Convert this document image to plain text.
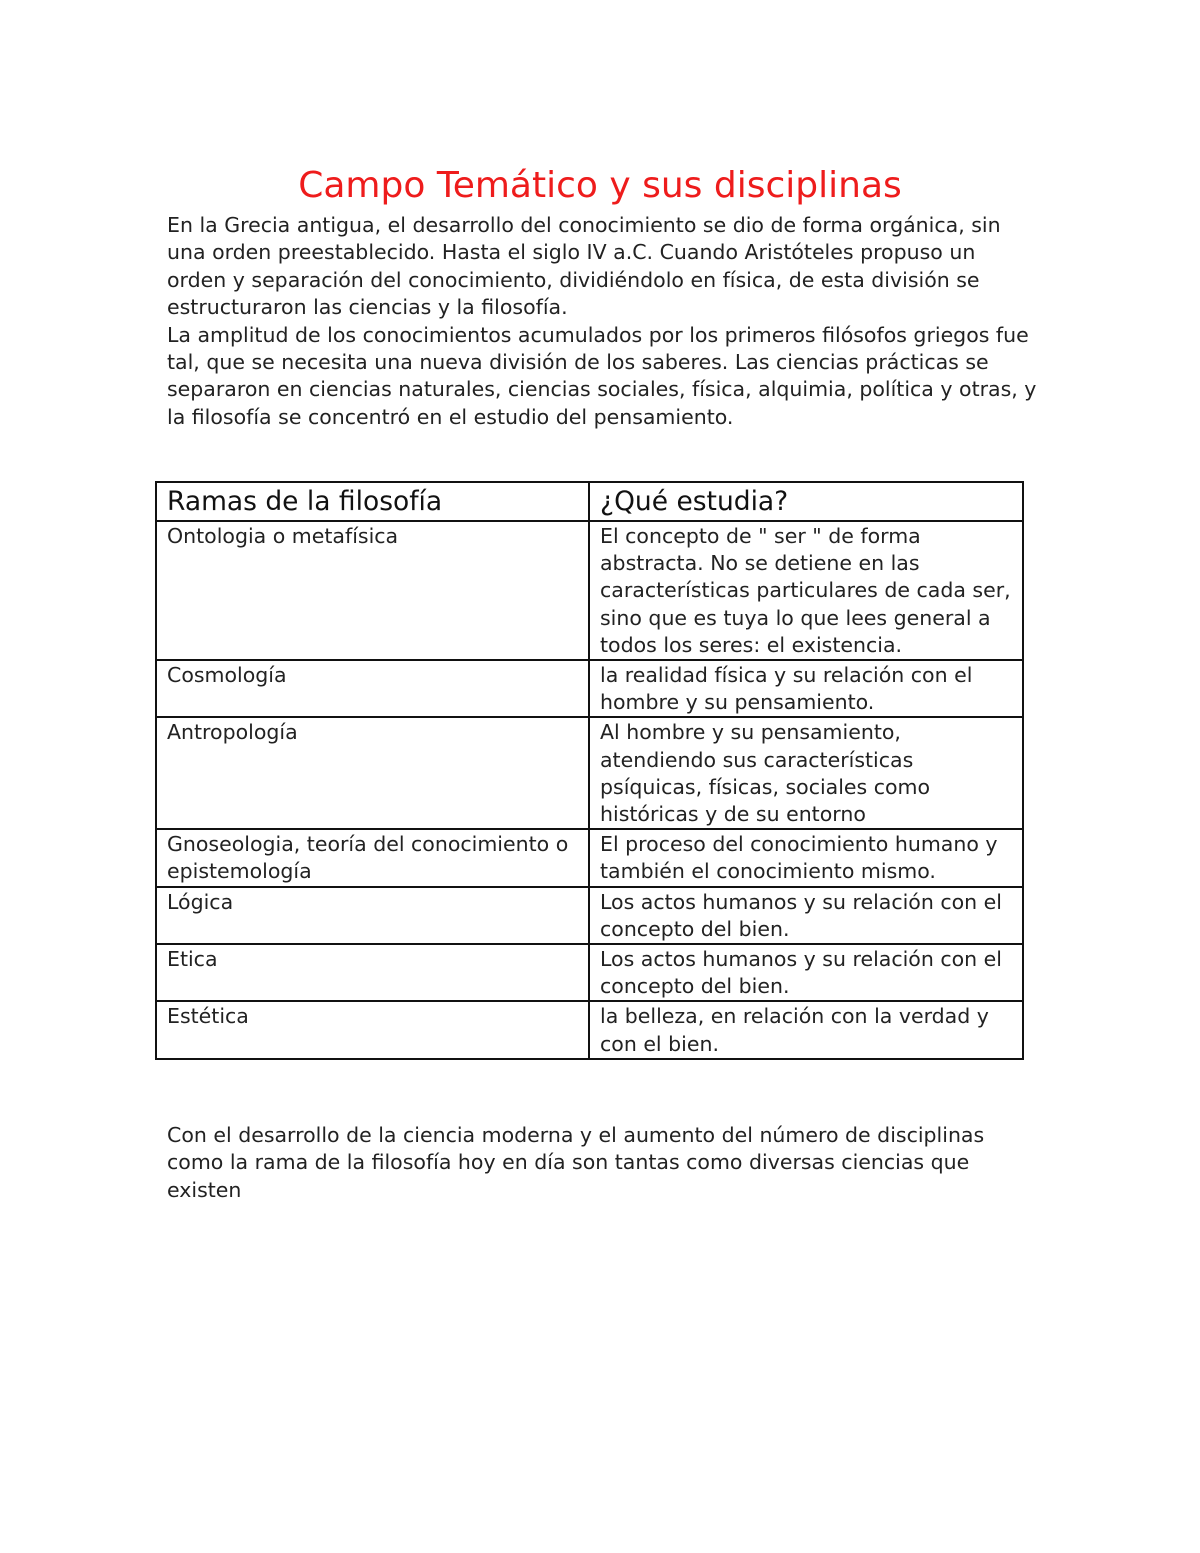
Campo Temático y sus disciplinas

En la Grecia antigua, el desarrollo del conocimiento se dio de forma orgánica, sin una orden preestablecido. Hasta el siglo IV a.C. Cuando Aristóteles propuso un orden y separación del conocimiento, dividiéndolo en física, de esta división se estructuraron las ciencias y la filosofía.

La amplitud de los conocimientos acumulados por los primeros filósofos griegos fue tal, que se necesita una nueva división de los saberes. Las ciencias prácticas se separaron en ciencias naturales, ciencias sociales, física, alquimia, política y otras, y la filosofía se concentró en el estudio del pensamiento.

Ramas de la filosofía	¿Qué estudia?
Ontologia o metafísica	El concepto de " ser " de forma abstracta. No se detiene en las características particulares de cada ser, sino que es tuya lo que lees general a todos los seres: el existencia.
Cosmología	la realidad física y su relación con el hombre y su pensamiento.
Antropología	Al hombre y su pensamiento, atendiendo sus características psíquicas, físicas, sociales como históricas y de su entorno
Gnoseologia, teoría del conocimiento o epistemología	El proceso del conocimiento humano y también el conocimiento mismo.
Lógica	Los actos humanos y su relación con el concepto del bien.
Etica	Los actos humanos y su relación con el concepto del bien.
Estética	la belleza, en relación con la verdad y con el bien.

Con el desarrollo de la ciencia moderna y el aumento del número de disciplinas como la rama de la filosofía hoy en día son tantas como diversas ciencias que existen
